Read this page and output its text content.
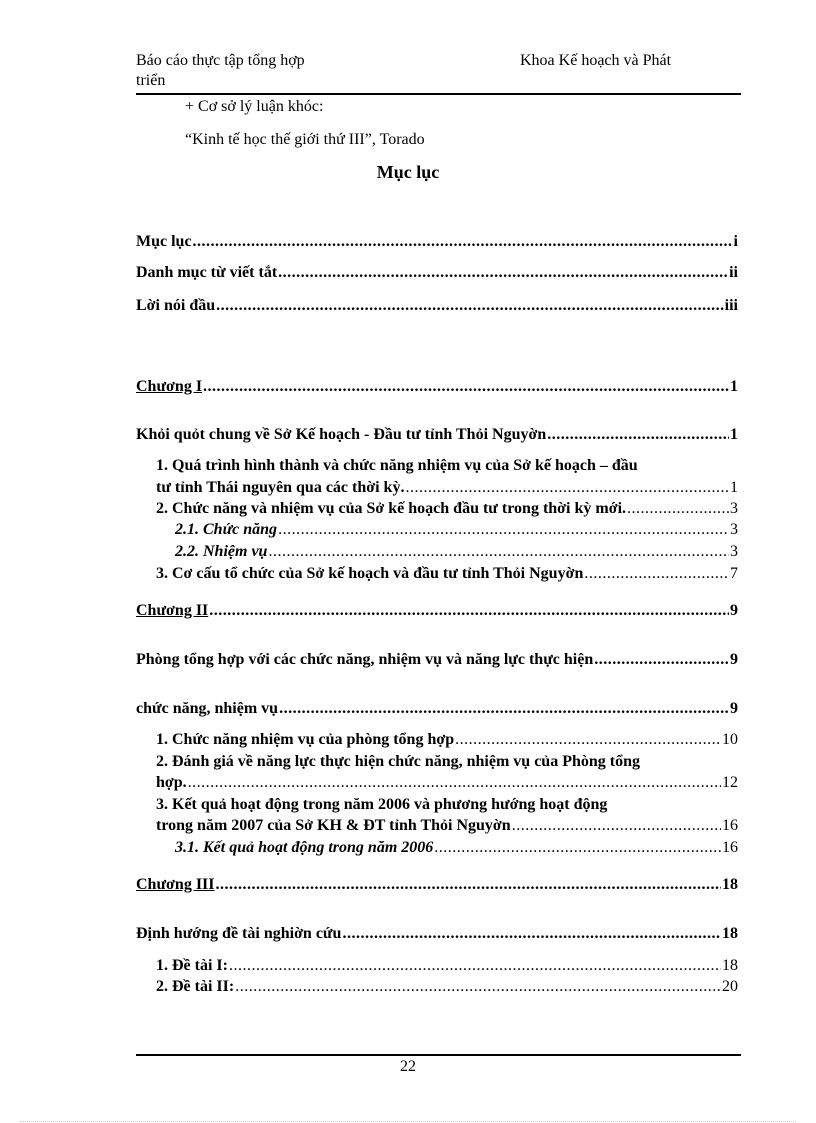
Báo cáo thực tập tổng hợp
triển
Khoa Kế hoạch và Phát
+ Cơ sở lý luận khóc:
“Kinh tế học thế giới thứ III”, Torado
Mục lục
Mục lục .....	i
Danh mục từ viết tắt .....	ii
Lời nói đầu .....	iii
Chương I .....	1
Khỏi quỏt chung về Sở Kế hoạch - Đầu tư tỉnh Thỏi Nguyờn .....	1
1. Quá trình hình thành và chức năng nhiệm vụ của Sở kế hoạch – đầu
tư tỉnh Thái nguyên qua các thời kỳ. .....	1
2. Chức năng và nhiệm vụ của Sở kế hoạch đầu tư trong thời kỳ mới. .....	3
2.1. Chức năng .....	3
2.2. Nhiệm vụ .....	3
3. Cơ cấu tổ chức của Sở kế hoạch và đầu tư tỉnh Thỏi Nguyờn .....	7
Chương II .....	9
Phòng tổng hợp với các chức năng, nhiệm vụ và năng lực thực hiện .....	9
chức năng, nhiệm vụ .....	9
1. Chức năng nhiệm vụ của phòng tổng hợp .....	10
2. Đánh giá về năng lực thực hiện chức năng, nhiệm vụ của Phòng tổng
hợp. .....	12
3. Kết quả hoạt động trong năm 2006 và phương hướng hoạt động
trong năm 2007 của Sở KH & ĐT tỉnh Thỏi Nguyờn .....	16
3.1. Kết quả hoạt động trong năm 2006 .....	16
Chương III .....	18
Định hướng đề tài nghiờn cứu .....	18
1. Đề tài I: .....	18
2. Đề tài II: .....	20
22
